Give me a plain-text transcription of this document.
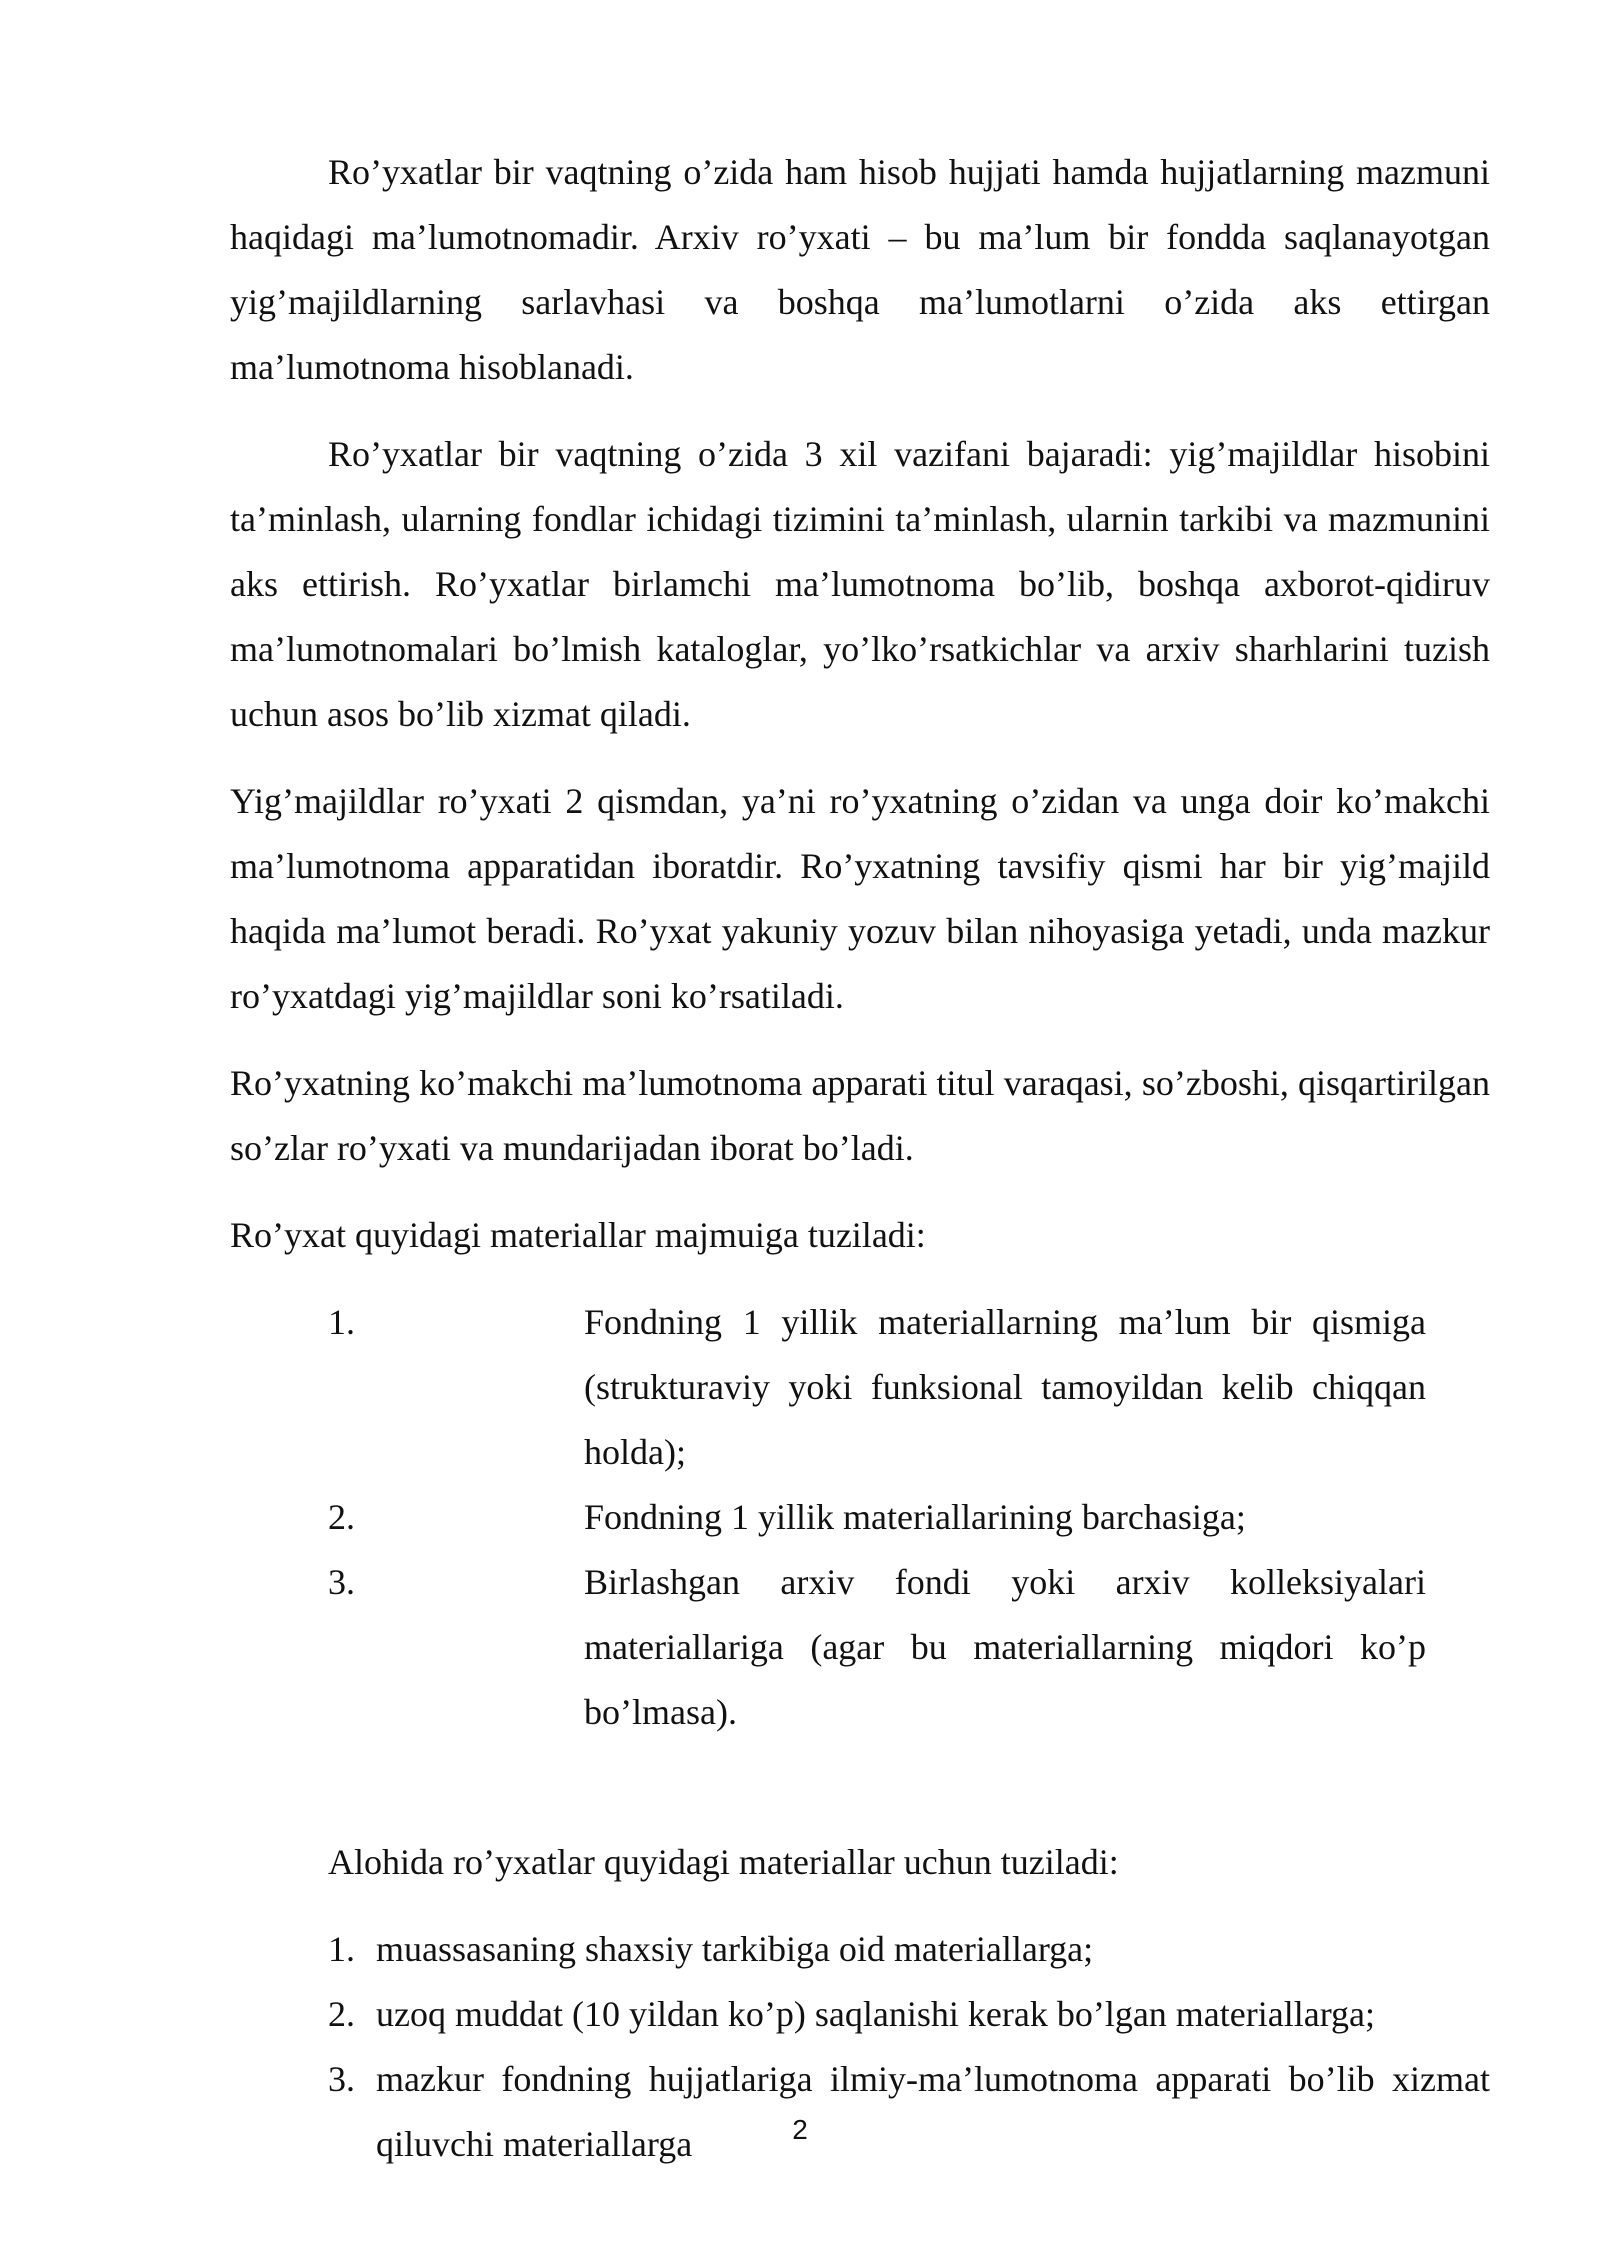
Ro’yxatlar bir vaqtning o’zida ham hisob hujjati hamda hujjatlarning mazmuni haqidagi ma’lumotnomadir. Arxiv ro’yxati – bu ma’lum bir fondda saqlanayotgan yig’majildlarning sarlavhasi va boshqa ma’lumotlarni o’zida aks ettirgan ma’lumotnoma hisoblanadi.

Ro’yxatlar bir vaqtning o’zida 3 xil vazifani bajaradi: yig’majildlar hisobini ta’minlash, ularning fondlar ichidagi tizimini ta’minlash, ularnin tarkibi va mazmunini aks ettirish. Ro’yxatlar birlamchi ma’lumotnoma bo’lib, boshqa axborot-qidiruv ma’lumotnomalari bo’lmish kataloglar, yo’lko’rsatkichlar va arxiv sharhlarini tuzish uchun asos bo’lib xizmat qiladi.

Yig’majildlar ro’yxati 2 qismdan, ya’ni ro’yxatning o’zidan va unga doir ko’makchi ma’lumotnoma apparatidan iboratdir. Ro’yxatning tavsifiy qismi har bir yig’majild haqida ma’lumot beradi. Ro’yxat yakuniy yozuv bilan nihoyasiga yetadi, unda mazkur ro’yxatdagi yig’majildlar soni ko’rsatiladi.

Ro’yxatning ko’makchi ma’lumotnoma apparati titul varaqasi, so’zboshi, qisqartirilgan so’zlar ro’yxati va mundarijadan iborat bo’ladi.

Ro’yxat quyidagi materiallar majmuiga tuziladi:

1.	Fondning 1 yillik materiallarning ma’lum bir qismiga (strukturaviy yoki funksional tamoyildan kelib chiqqan holda);
2.	Fondning 1 yillik materiallarining barchasiga;
3.	Birlashgan arxiv fondi yoki arxiv kolleksiyalari materiallariga (agar bu materiallarning miqdori ko’p bo’lmasa).

Alohida ro’yxatlar quyidagi materiallar uchun tuziladi:

1. muassasaning shaxsiy tarkibiga oid materiallarga;
2. uzoq muddat (10 yildan ko’p) saqlanishi kerak bo’lgan materiallarga;
3. mazkur fondning hujjatlariga ilmiy-ma’lumotnoma apparati bo’lib xizmat qiluvchi materiallarga	2
